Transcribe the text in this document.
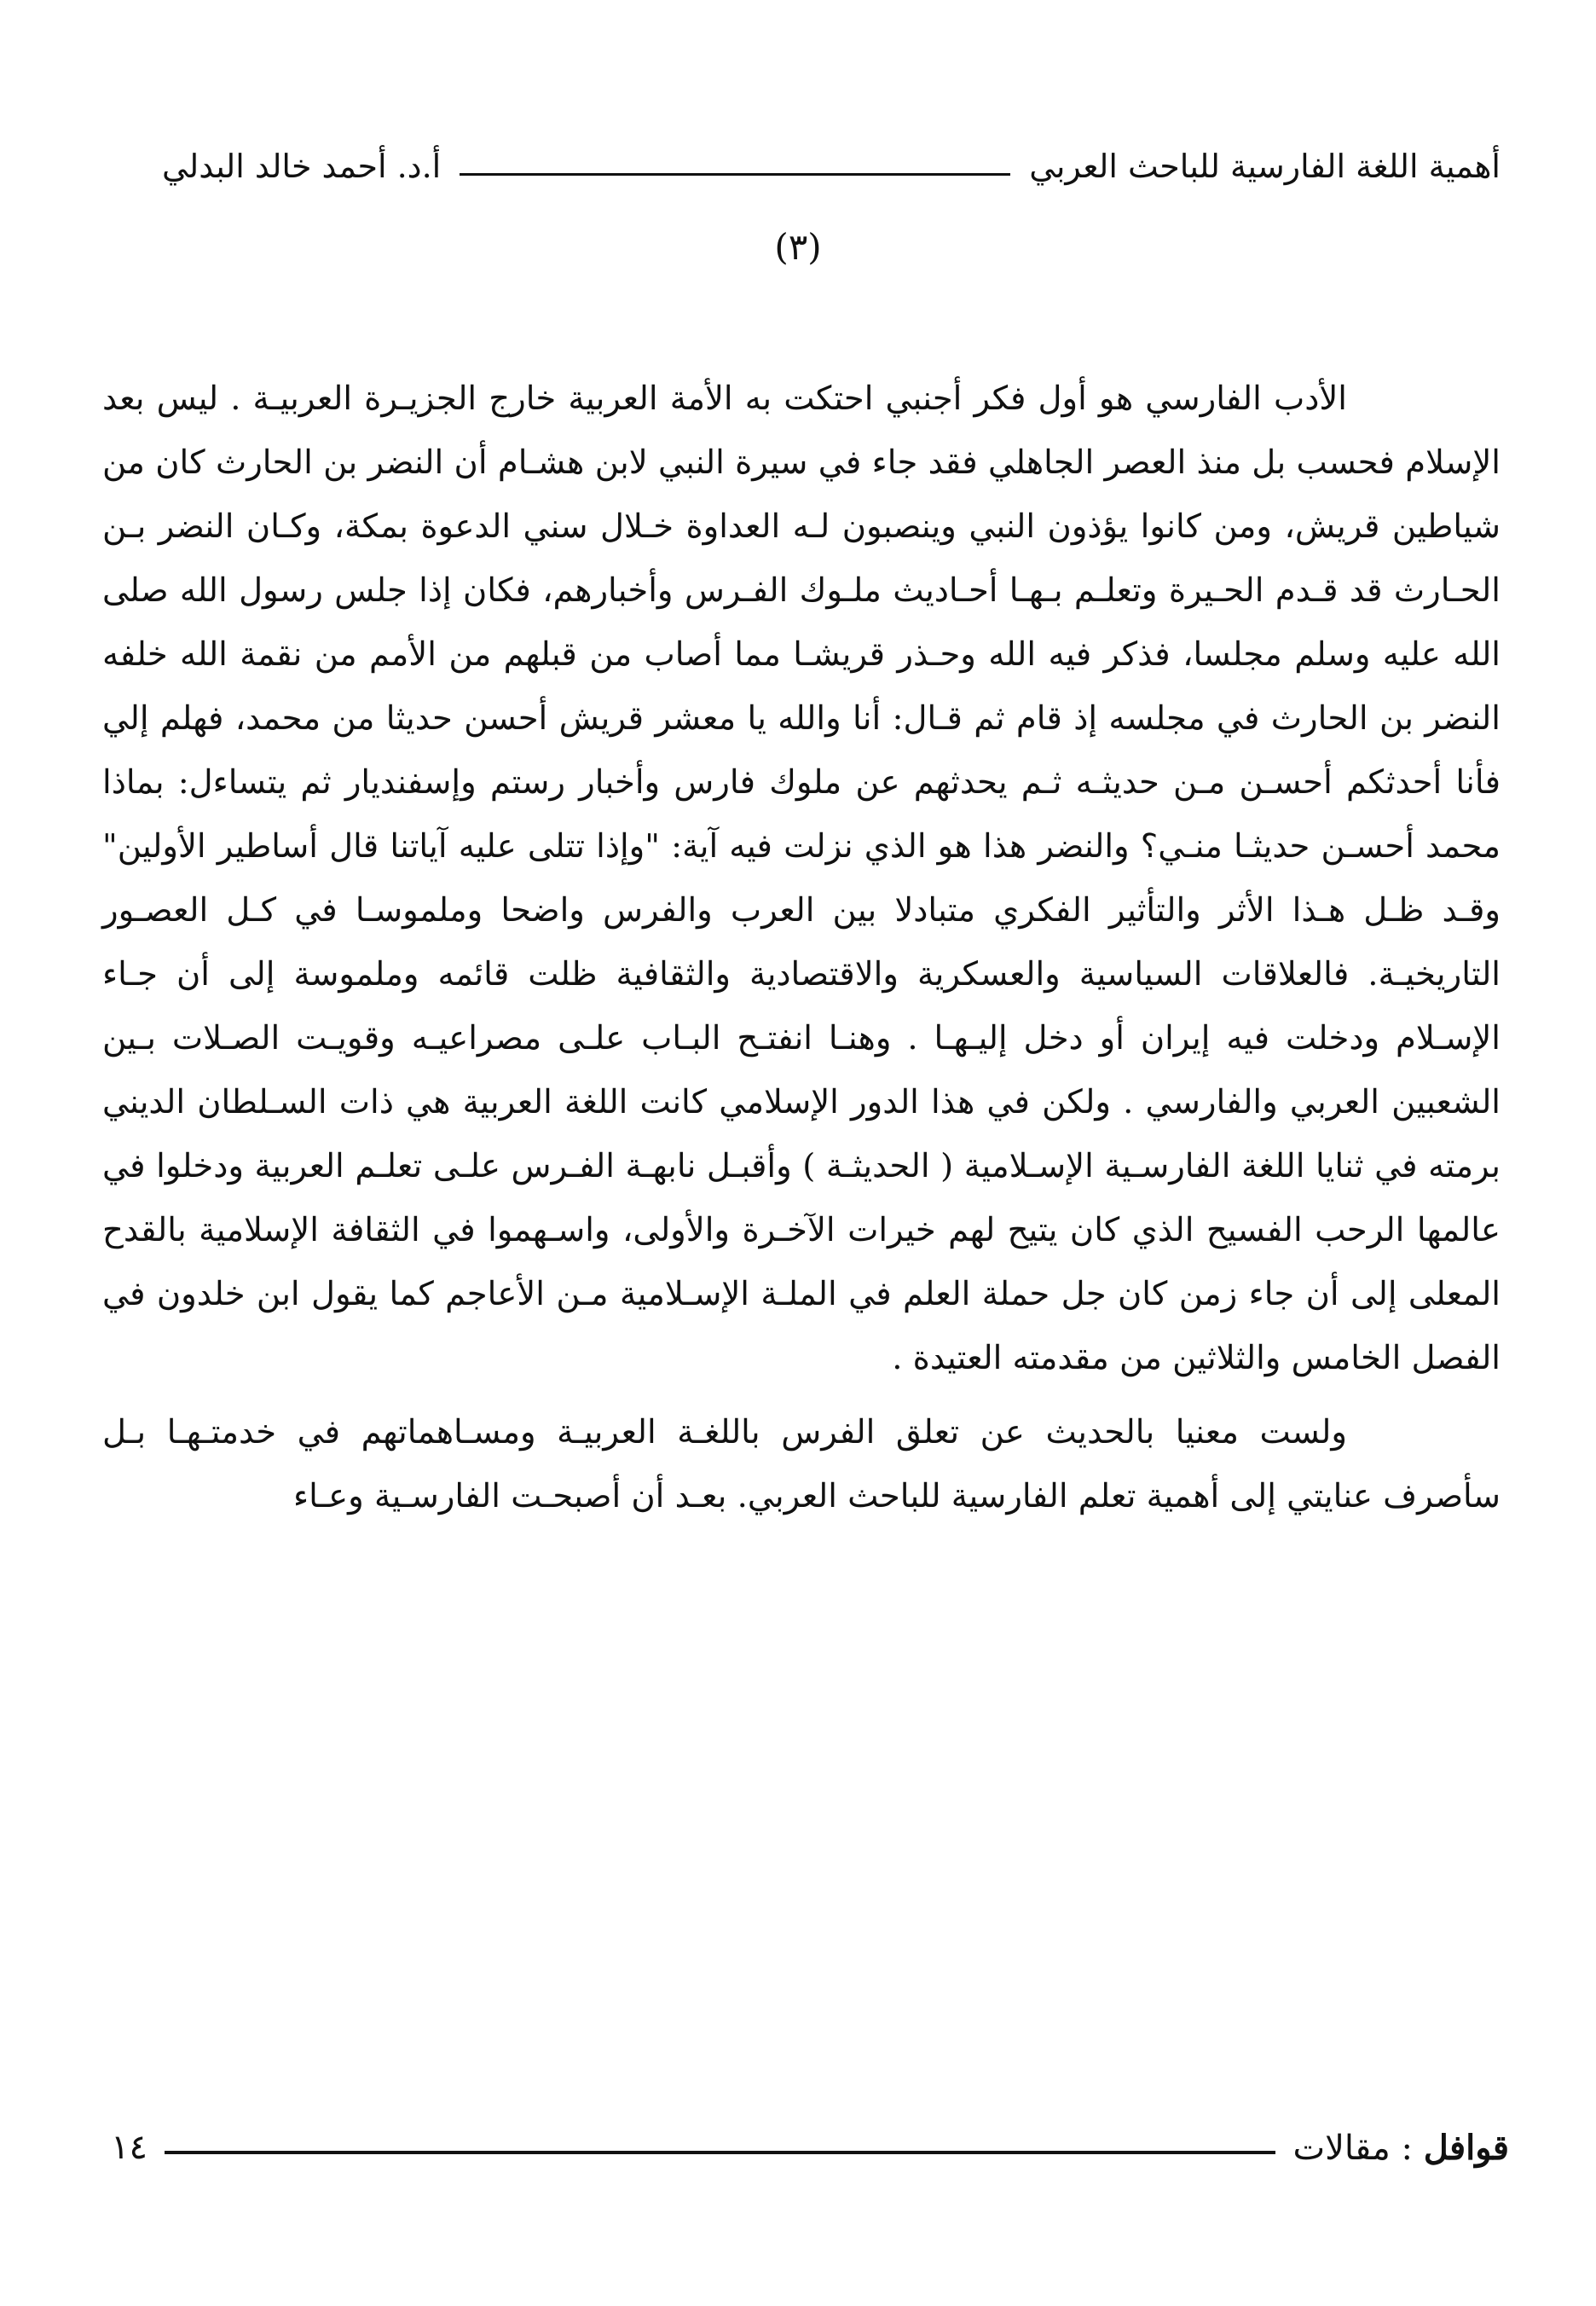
أهمية اللغة الفارسية للباحث العربي
أ.د. أحمد خالد البدلي
(٣)

الأدب الفارسي هو أول فكر أجنبي احتكت به الأمة العربية خارج الجزيـرة العربيـة . ليس بعد الإسلام فحسب بل منذ العصر الجاهلي فقد جاء في سيرة النبي لابن هشـام أن النضر بن الحارث كان من شياطين قريش، ومن كانوا يؤذون النبي وينصبون لـه العداوة خـلال سني الدعوة بمكة، وكـان النضر بـن الحـارث قد قـدم الحـيرة وتعلـم بـهـا أحـاديث ملـوك الفـرس وأخبارهم، فكان إذا جلس رسول الله صلى الله عليه وسلم مجلسا، فذكر فيه الله وحـذر قريشـا مما أصاب من قبلهم من الأمم من نقمة الله خلفه النضر بن الحارث في مجلسه إذ قام ثم قـال: أنا والله يا معشر قريش أحسن حديثا من محمد، فهلم إلي فأنا أحدثكم أحسـن مـن حديثـه ثـم يحدثهم عن ملوك فارس وأخبار رستم وإسفنديار ثم يتساءل: بماذا محمد أحسـن حديثـا منـي؟ والنضر هذا هو الذي نزلت فيه آية: "وإذا تتلى عليه آياتنا قال أساطير الأولين" وقـد ظـل هـذا الأثر والتأثير الفكري متبادلا بين العرب والفرس واضحا وملموسـا في كـل العصـور التاريخيـة. فالعلاقات السياسية والعسكرية والاقتصادية والثقافية ظلت قائمه وملموسة إلى أن جـاء الإسـلام ودخلت فيه إيران أو دخل إليـهـا . وهنـا انفتـح البـاب علـى مصراعيـه وقويـت الصـلات بـين الشعبين العربي والفارسي . ولكن في هذا الدور الإسلامي كانت اللغة العربية هي ذات السـلطان الديني برمته في ثنايا اللغة الفارسـية الإسـلامية ( الحديثـة ) وأقبـل نابهـة الفـرس علـى تعلـم العربية ودخلوا في عالمها الرحب الفسيح الذي كان يتيح لهم خيرات الآخـرة والأولى، واسـهموا في الثقافة الإسلامية بالقدح المعلى إلى أن جاء زمن كان جل حملة العلم في الملـة الإسـلامية مـن الأعاجم كما يقول ابن خلدون في الفصل الخامس والثلاثين من مقدمته العتيدة .

ولست معنيا بالحديث عن تعلق الفرس باللغـة العربيـة ومسـاهماتهم في خدمتـهـا بـل سأصرف عنايتي إلى أهمية تعلم الفارسية للباحث العربي. بعـد أن أصبحـت الفارسـية وعـاء

قوافل : مقالات
١٤
